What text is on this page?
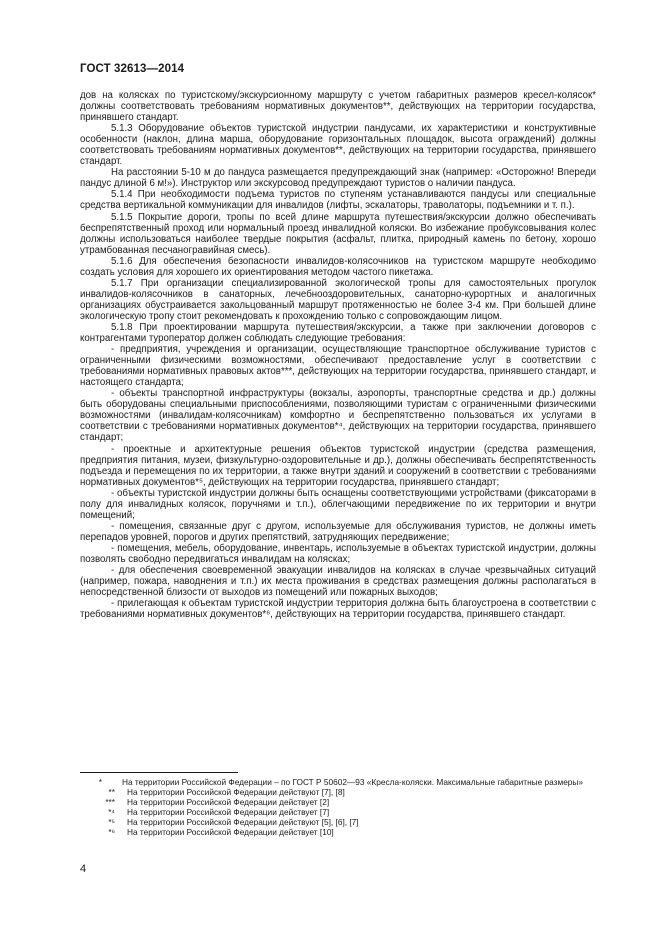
ГОСТ 32613—2014

дов на колясках по туристскому/экскурсионному маршруту с учетом габаритных размеров кресел-колясок* должны соответствовать требованиям нормативных документов**, действующих на территории государства, принявшего стандарт.

5.1.3 Оборудование объектов туристской индустрии пандусами, их характеристики и конструктивные особенности (наклон, длина марша, оборудование горизонтальных площадок, высота ограждений) должны соответствовать требованиям нормативных документов**, действующих на территории государства, принявшего стандарт.

На расстоянии 5-10 м до пандуса размещается предупреждающий знак (например: «Осторожно! Впереди пандус длиной 6 м!»). Инструктор или экскурсовод предупреждают туристов о наличии пандуса.

5.1.4 При необходимости подъема туристов по ступеням устанавливаются пандусы или специальные средства вертикальной коммуникации для инвалидов (лифты, эскалаторы, траволаторы, подъемники и т. п.).

5.1.5 Покрытие дороги, тропы по всей длине маршрута путешествия/экскурсии должно обеспечивать беспрепятственный проход или нормальный проезд инвалидной коляски. Во избежание пробуксовывания колес должны использоваться наиболее твердые покрытия (асфальт, плитка, природный камень по бетону, хорошо утрамбованная песчаногравийная смесь).

5.1.6 Для обеспечения безопасности инвалидов-колясочников на туристском маршруте необходимо создать условия для хорошего их ориентирования методом частого пикетажа.

5.1.7 При организации специализированной экологической тропы для самостоятельных прогулок инвалидов-колясочников в санаторных, лечебнооздоровительных, санаторно-курортных и аналогичных организациях обустраивается закольцованный маршрут протяженностью не более 3-4 км. При большей длине экологическую тропу стоит рекомендовать к прохождению только с сопровождающим лицом.

5.1.8 При проектировании маршрута путешествия/экскурсии, а также при заключении договоров с контрагентами туроператор должен соблюдать следующие требования:

- предприятия, учреждения и организации, осуществляющие транспортное обслуживание туристов с ограниченными физическими возможностями, обеспечивают предоставление услуг в соответствии с требованиями нормативных правовых актов***, действующих на территории государства, принявшего стандарт, и настоящего стандарта;

- объекты транспортной инфраструктуры (вокзалы, аэропорты, транспортные средства и др.) должны быть оборудованы специальными приспособлениями, позволяющими туристам с ограниченными физическими возможностями (инвалидам-колясочникам) комфортно и беспрепятственно пользоваться их услугами в соответствии с требованиями нормативных документов*⁴, действующих на территории государства, принявшего стандарт;

- проектные и архитектурные решения объектов туристской индустрии (средства размещения, предприятия питания, музеи, физкультурно-оздоровительные и др.), должны обеспечивать беспрепятственность подъезда и перемещения по их территории, а также внутри зданий и сооружений в соответствии с требованиями нормативных документов*⁵, действующих на территории государства, принявшего стандарт;

- объекты туристской индустрии должны быть оснащены соответствующими устройствами (фиксаторами в полу для инвалидных колясок, поручнями и т.п.), облегчающими передвижение по их территории и внутри помещений;

- помещения, связанные друг с другом, используемые для обслуживания туристов, не должны иметь перепадов уровней, порогов и других препятствий, затрудняющих передвижение;

- помещения, мебель, оборудование, инвентарь, используемые в объектах туристской индустрии, должны позволять свободно передвигаться инвалидам на колясках;

- для обеспечения своевременной эвакуации инвалидов на колясках в случае чрезвычайных ситуаций (например, пожара, наводнения и т.п.) их места проживания в средствах размещения должны располагаться в непосредственной близости от выходов из помещений или пожарных выходов;

- прилегающая к объектам туристской индустрии территория должна быть благоустроена в соответствии с требованиями нормативных документов*⁶, действующих на территории государства, принявшего стандарт.

* На территории Российской Федерации – по ГОСТ Р 50602—93 «Кресла-коляски. Максимальные габаритные размеры»

** На территории Российской Федерации действуют [7], [8]

*** На территории Российской Федерации действует [2]

*⁴ На территории Российской Федерации действует [7]

*⁵ На территории Российской Федерации действуют [5], [6], [7]

*⁶ На территории Российской Федерации действует [10]

4
